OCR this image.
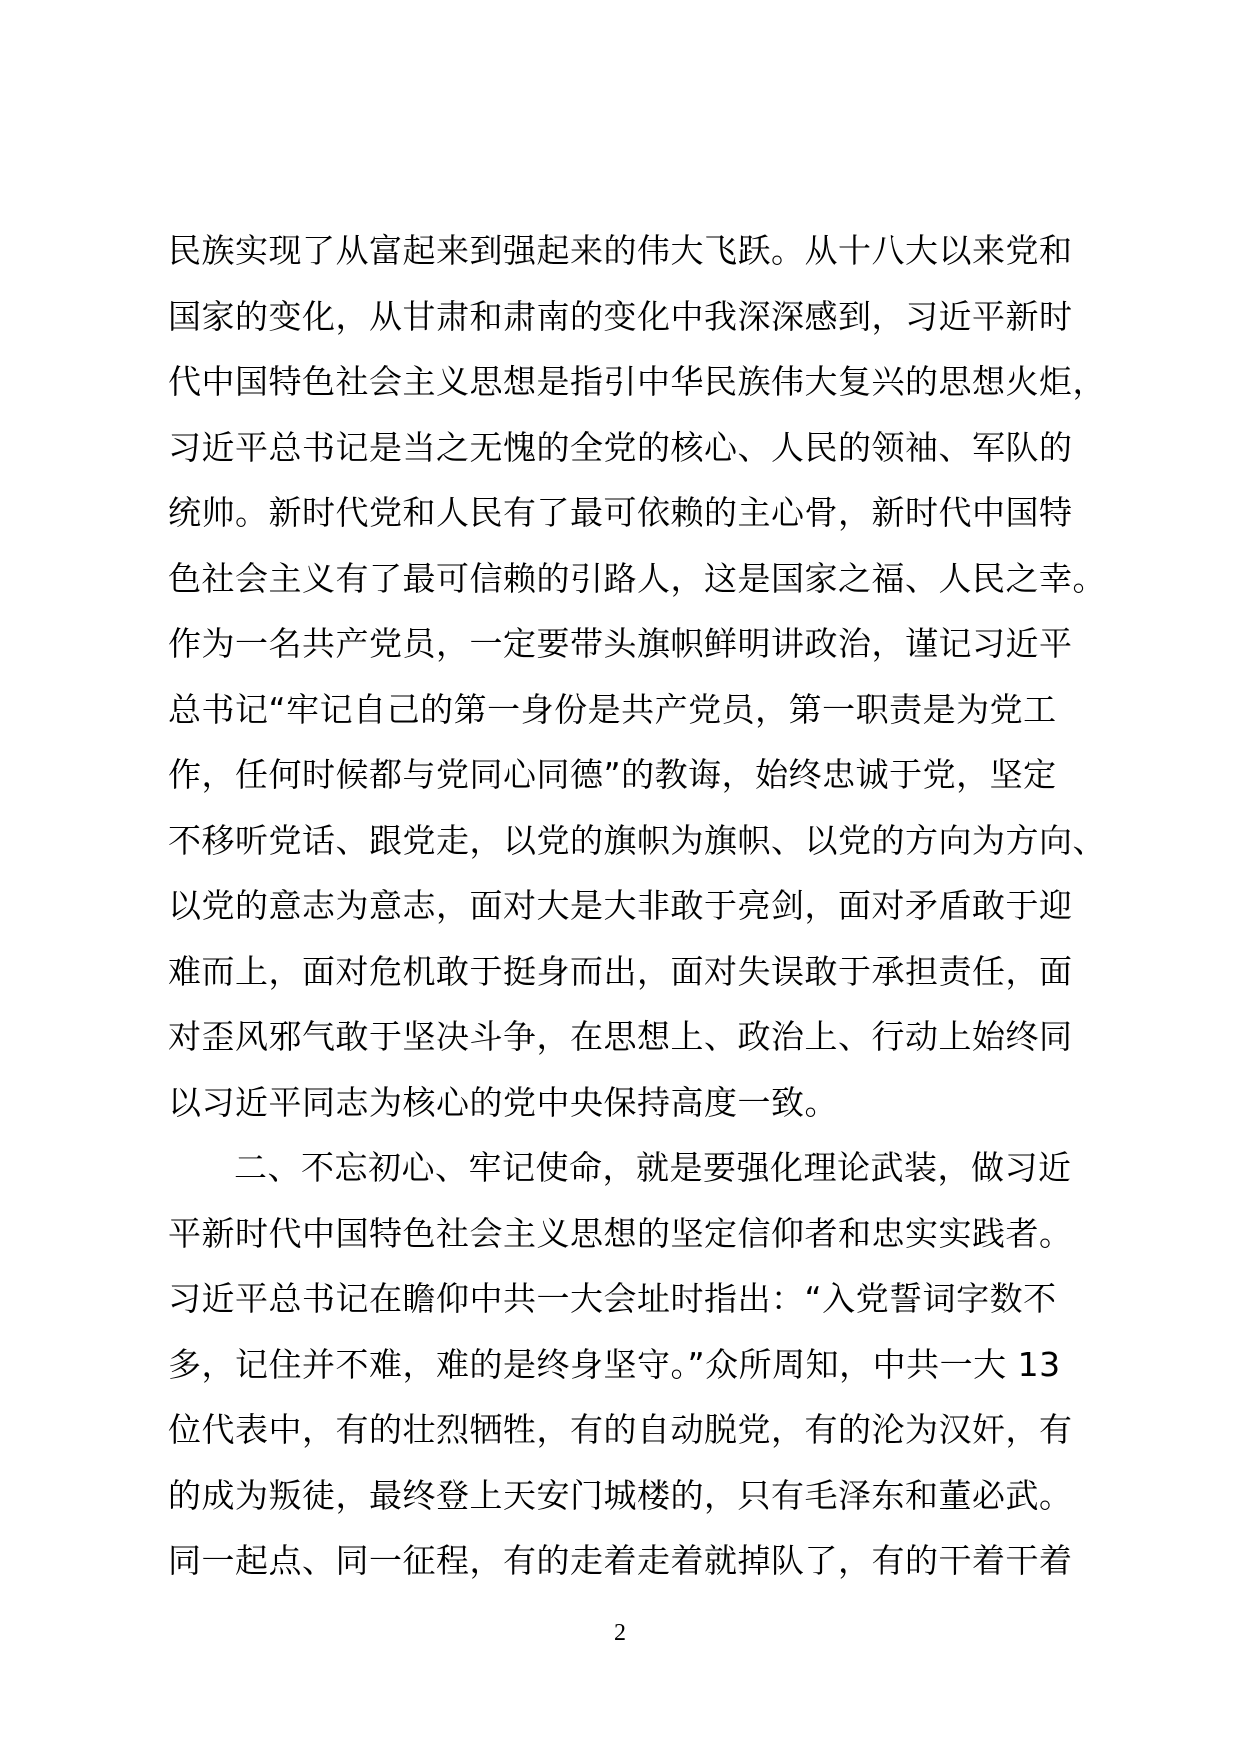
民族实现了从富起来到强起来的伟大飞跃。从十八大以来党和
国家的变化，从甘肃和肃南的变化中我深深感到，习近平新时
代中国特色社会主义思想是指引中华民族伟大复兴的思想火炬，
习近平总书记是当之无愧的全党的核心、人民的领袖、军队的
统帅。新时代党和人民有了最可依赖的主心骨，新时代中国特
色社会主义有了最可信赖的引路人，这是国家之福、人民之幸。
作为一名共产党员，一定要带头旗帜鲜明讲政治，谨记习近平
总书记“牢记自己的第一身份是共产党员，第一职责是为党工
作，任何时候都与党同心同德”的教诲，始终忠诚于党，坚定
不移听党话、跟党走，以党的旗帜为旗帜、以党的方向为方向、
以党的意志为意志，面对大是大非敢于亮剑，面对矛盾敢于迎
难而上，面对危机敢于挺身而出，面对失误敢于承担责任，面
对歪风邪气敢于坚决斗争，在思想上、政治上、行动上始终同
以习近平同志为核心的党中央保持高度一致。
二、不忘初心、牢记使命，就是要强化理论武装，做习近
平新时代中国特色社会主义思想的坚定信仰者和忠实实践者。
习近平总书记在瞻仰中共一大会址时指出：“入党誓词字数不
多，记住并不难，难的是终身坚守。”众所周知，中共一大 13
位代表中，有的壮烈牺牲，有的自动脱党，有的沦为汉奸，有
的成为叛徒，最终登上天安门城楼的，只有毛泽东和董必武。
同一起点、同一征程，有的走着走着就掉队了，有的干着干着
2
